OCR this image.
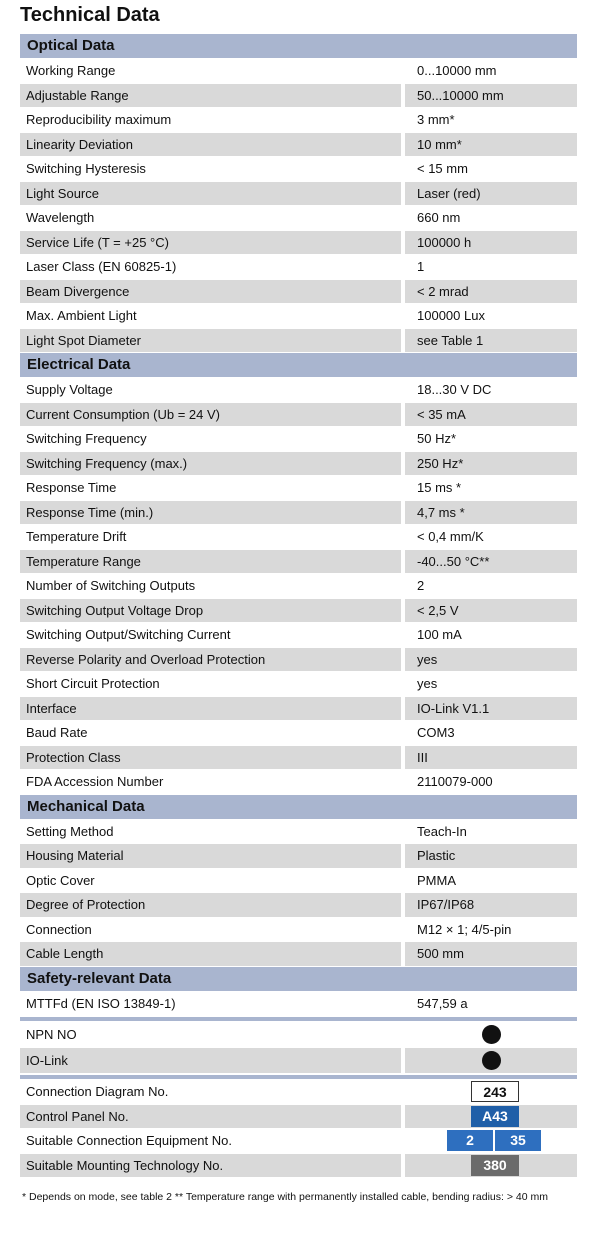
Technical Data
Optical Data
Working Range	0...10000 mm
Adjustable Range	50...10000 mm
Reproducibility maximum	3 mm*
Linearity Deviation	10 mm*
Switching Hysteresis	< 15 mm
Light Source	Laser (red)
Wavelength	660 nm
Service Life (T = +25 °C)	100000 h
Laser Class (EN 60825-1)	1
Beam Divergence	< 2 mrad
Max. Ambient Light	100000 Lux
Light Spot Diameter	see Table 1
Electrical Data
Supply Voltage	18...30 V DC
Current Consumption (Ub = 24 V)	< 35 mA
Switching Frequency	50 Hz*
Switching Frequency (max.)	250 Hz*
Response Time	15 ms *
Response Time (min.)	4,7 ms *
Temperature Drift	< 0,4 mm/K
Temperature Range	-40...50 °C**
Number of Switching Outputs	2
Switching Output Voltage Drop	< 2,5 V
Switching Output/Switching Current	100 mA
Reverse Polarity and Overload Protection	yes
Short Circuit Protection	yes
Interface	IO-Link V1.1
Baud Rate	COM3
Protection Class	III
FDA Accession Number	2110079-000
Mechanical Data
Setting Method	Teach-In
Housing Material	Plastic
Optic Cover	PMMA
Degree of Protection	IP67/IP68
Connection	M12 × 1; 4/5-pin
Cable Length	500 mm
Safety-relevant Data
MTTFd (EN ISO 13849-1)	547,59 a
NPN NO
IO-Link
Connection Diagram No.	243
Control Panel No.	A43
Suitable Connection Equipment No.	2	35
Suitable Mounting Technology No.	380

* Depends on mode, see table 2 ** Temperature range with permanently installed cable, bending radius: > 40 mm
